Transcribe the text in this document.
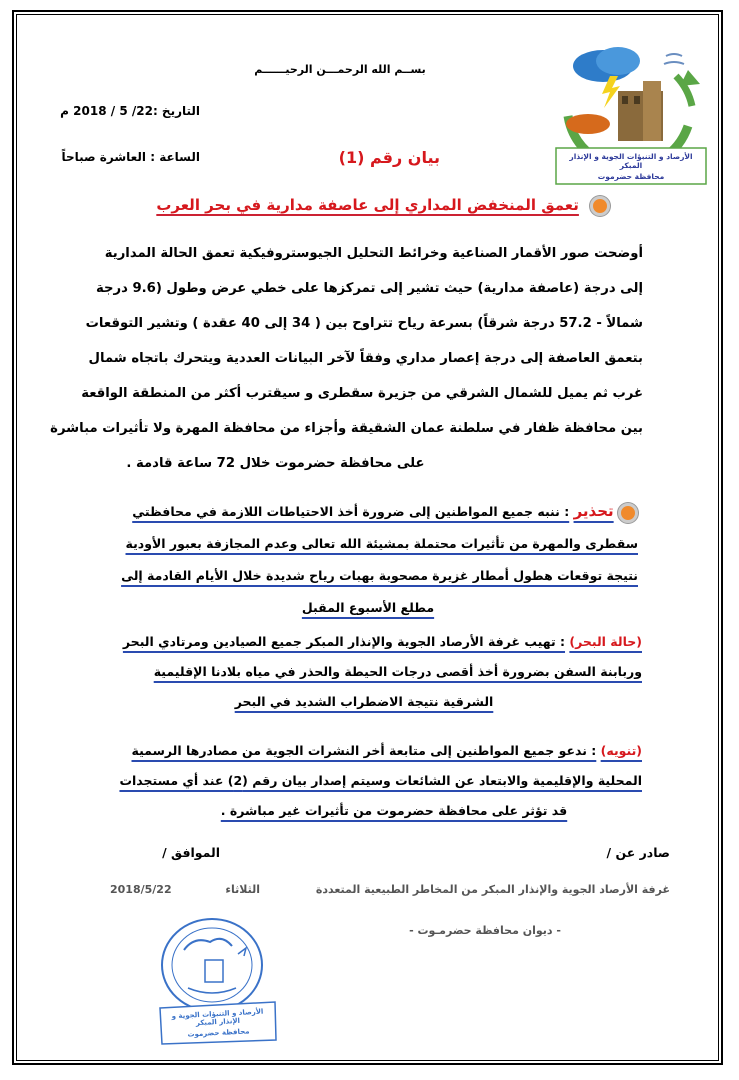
الأرصاد و التنبؤات الجوية و الإنذار المبكر
محافظة حضرموت
بســم الله الرحمـــن الرحيــــــم
التاريخ :22/ 5 / 2018 م
بيان رقم (1)
الساعة : العاشرة صباحاً
تعمق المنخفض المداري إلى عاصفة مدارية في بحر العرب
أوضحت صور الأقمار الصناعية وخرائط التحليل الجيوستروفيكية تعمق الحالة المدارية
إلى درجة (عاصفة مدارية) حيث تشير إلى تمركزها على خطي عرض وطول (9.6 درجة
شمالاً - 57.2 درجة شرقاً) بسرعة رياح تتراوح بين ( 34 إلى 40 عقدة ) وتشير التوقعات
بتعمق العاصفة إلى درجة إعصار مداري وفقاً لآخر البيانات العددية ويتحرك باتجاه شمال
غرب ثم يميل للشمال الشرقي من جزيرة سقطرى و سيقترب أكثر من المنطقة الواقعة
بين محافظة ظفار في سلطنة عمان الشقيقة وأجزاء من محافظة المهرة ولا تأثيرات مباشرة
على محافظة حضرموت خلال 72 ساعة قادمة .
تحذير : ننبه جميع المواطنين إلى ضرورة أخذ الاحتياطات اللازمة في محافظتي
سقطرى والمهرة من تأثيرات محتملة بمشيئة الله تعالى وعدم المجازفة بعبور الأودية
نتيجة توقعات هطول أمطار غزيرة مصحوبة بهبات رياح شديدة خلال الأيام القادمة إلى
مطلع الأسبوع المقبل
(حالة البحر) : تهيب غرفة الأرصاد الجوية والإنذار المبكر جميع الصيادين ومرتادي البحر
وربابنة السفن بضرورة أخذ أقصى درجات الحيطة والحذر في مياه بلادنا الإقليمية
الشرقية نتيجة الاضطراب الشديد في البحر
(تنويه) : ندعو جميع المواطنين إلى متابعة أخر النشرات الجوية من مصادرها الرسمية
المحلية والإقليمية والابتعاد عن الشائعات وسيتم إصدار بيان رقم (2) عند أي مستجدات
قد تؤثر على محافظة حضرموت من تأثيرات غير مباشرة .
صادر عن /
الموافق /
غرفة الأرصاد الجوية والإنذار المبكر من المخاطر الطبيعية المتعددة
الثلاثاء
2018/5/22
- ديوان محافظة حضرمـوت -
الأرصاد و التنبؤات الجوية و الإنذار المبكر
محافظة حضرموت
